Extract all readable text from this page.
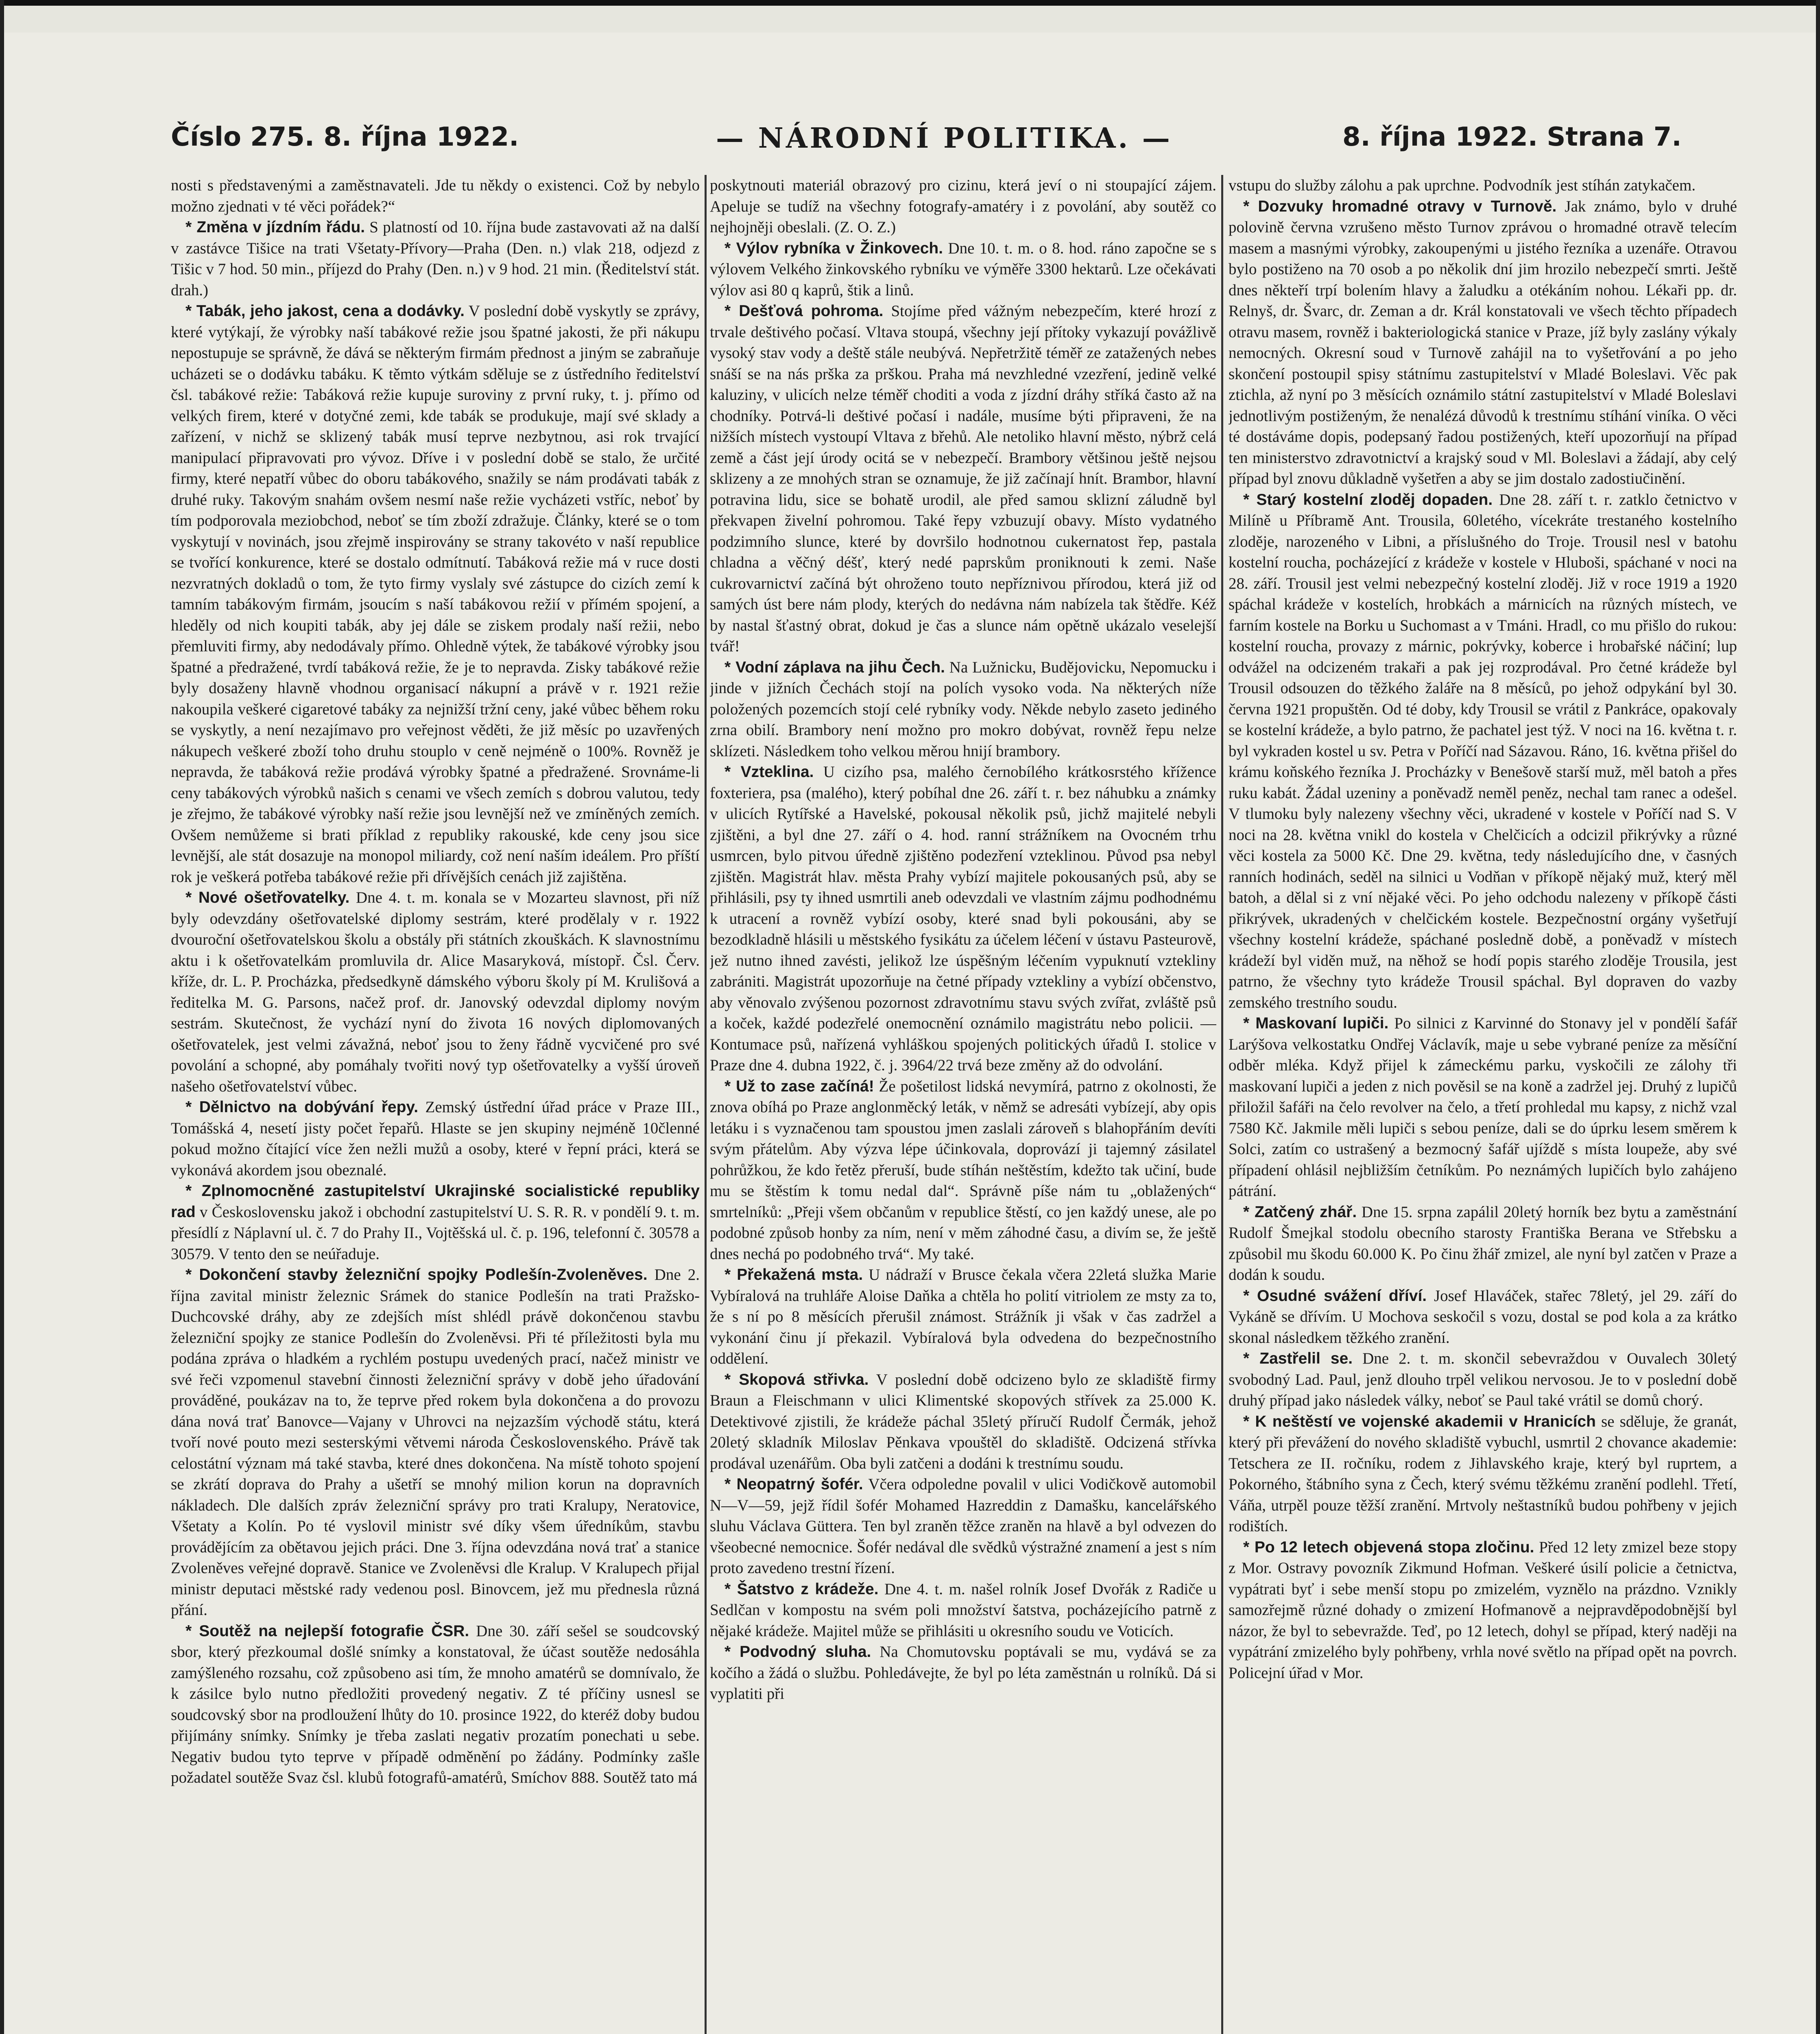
Číslo 275. 8. října 1922.	— NÁRODNÍ POLITIKA. —	8. října 1922. Strana 7.

nosti s představenými a zaměstnavateli. Jde tu někdy o existenci. Což by nebylo možno zjednati v té věci pořádek?“

* Změna v jízdním řádu. S platností od 10. října bude zastavovati až na další v zastávce Tišice na trati Všetaty-Přívory—Praha (Den. n.) vlak 218, odjezd z Tišic v 7 hod. 50 min., příjezd do Prahy (Den. n.) v 9 hod. 21 min. (Ředitelství stát. drah.)

* Tabák, jeho jakost, cena a dodávky. V poslední době vyskytly se zprávy, které vytýkají, že výrobky naší tabákové režie jsou špatné jakosti, že při nákupu nepostupuje se správně, že dává se některým firmám přednost a jiným se zabraňuje ucházeti se o dodávku tabáku. K těmto výtkám sděluje se z ústředního ředitelství čsl. tabákové režie: Tabáková režie kupuje suroviny z první ruky, t. j. přímo od velkých firem, které v dotyčné zemi, kde tabák se produkuje, mají své sklady a zařízení, v nichž se sklizený tabák musí teprve nezbytnou, asi rok trvající manipulací připravovati pro vývoz. Dříve i v poslední době se stalo, že určité firmy, které nepatří vůbec do oboru tabákového, snažily se nám prodávati tabák z druhé ruky. Takovým snahám ovšem nesmí naše režie vycházeti vstříc, neboť by tím podporovala meziobchod, neboť se tím zboží zdražuje. Články, které se o tom vyskytují v novinách, jsou zřejmě inspirovány se strany takovéto v naší republice se tvořící konkurence, které se dostalo odmítnutí. Tabáková režie má v ruce dosti nezvratných dokladů o tom, že tyto firmy vyslaly své zástupce do cizích zemí k tamním tabákovým firmám, jsoucím s naší tabákovou režií v přímém spojení, a hleděly od nich koupiti tabák, aby jej dále se ziskem prodaly naší režii, nebo přemluviti firmy, aby nedodávaly přímo. Ohledně výtek, že tabákové výrobky jsou špatné a předražené, tvrdí tabáková režie, že je to nepravda. Zisky tabákové režie byly dosaženy hlavně vhodnou organisací nákupní a právě v r. 1921 režie nakoupila veškeré cigaretové tabáky za nejnižší tržní ceny, jaké vůbec během roku se vyskytly, a není nezajímavo pro veřejnost věděti, že již měsíc po uzavřených nákupech veškeré zboží toho druhu stouplo v ceně nejméně o 100%. Rovněž je nepravda, že tabáková režie prodává výrobky špatné a předražené. Srovnáme-li ceny tabákových výrobků našich s cenami ve všech zemích s dobrou valutou, tedy je zřejmo, že tabákové výrobky naší režie jsou levnější než ve zmíněných zemích. Ovšem nemůžeme si brati příklad z republiky rakouské, kde ceny jsou sice levnější, ale stát dosazuje na monopol miliardy, což není naším ideálem. Pro příští rok je veškerá potřeba tabákové režie při dřívějších cenách již zajištěna.

* Nové ošetřovatelky. Dne 4. t. m. konala se v Mozarteu slavnost, při níž byly odevzdány ošetřovatelské diplomy sestrám, které prodělaly v r. 1922 dvouroční ošetřovatelskou školu a obstály při státních zkouškách. K slavnostnímu aktu i k ošetřovatelkám promluvila dr. Alice Masaryková, místopř. Čsl. Červ. kříže, dr. L. P. Procházka, předsedkyně dámského výboru školy pí M. Krulišová a ředitelka M. G. Parsons, načež prof. dr. Janovský odevzdal diplomy novým sestrám. Skutečnost, že vychází nyní do života 16 nových diplomovaných ošetřovatelek, jest velmi závažná, neboť jsou to ženy řádně vycvičené pro své povolání a schopné, aby pomáhaly tvořiti nový typ ošetřovatelky a vyšší úroveň našeho ošetřovatelství vůbec.

* Dělnictvo na dobývání řepy. Zemský ústřední úřad práce v Praze III., Tomášská 4, nesetí jisty počet řepařů. Hlaste se jen skupiny nejméně 10členné pokud možno čítající více žen nežli mužů a osoby, které v řepní práci, která se vykonává akordem jsou obeznalé.

* Zplnomocněné zastupitelství Ukrajinské socialistické republiky rad v Československu jakož i obchodní zastupitelství U. S. R. R. v pondělí 9. t. m. přesídlí z Náplavní ul. č. 7 do Prahy II., Vojtěšská ul. č. p. 196, telefonní č. 30578 a 30579. V tento den se neúřaduje.

* Dokončení stavby železniční spojky Podlešín-Zvoleněves. Dne 2. října zavital ministr železnic Srámek do stanice Podlešín na trati Pražsko-Duchcovské dráhy, aby ze zdejších míst shlédl právě dokončenou stavbu železniční spojky ze stanice Podlešín do Zvoleněvsi. Při té příležitosti byla mu podána zpráva o hladkém a rychlém postupu uvedených prací, načež ministr ve své řeči vzpomenul stavební činnosti železniční správy v době jeho úřadování prováděné, poukázav na to, že teprve před rokem byla dokončena a do provozu dána nová trať Banovce—Vajany v Uhrovci na nejzazším východě státu, která tvoří nové pouto mezi sesterskými větvemi národa Československého. Právě tak celostátní význam má také stavba, které dnes dokončena. Na místě tohoto spojení se zkrátí doprava do Prahy a ušetří se mnohý milion korun na dopravních nákladech. Dle dalších zpráv železniční správy pro trati Kralupy, Neratovice, Všetaty a Kolín. Po té vyslovil ministr své díky všem úředníkům, stavbu provádějícím za obětavou jejich práci. Dne 3. října odevzdána nová trať a stanice Zvoleněves veřejné dopravě. Stanice ve Zvoleněvsi dle Kralup. V Kralupech přijal ministr deputaci městské rady vedenou posl. Binovcem, jež mu přednesla různá přání.

* Soutěž na nejlepší fotografie ČSR. Dne 30. září sešel se soudcovský sbor, který přezkoumal došlé snímky a konstatoval, že účast soutěže nedosáhla zamýšleného rozsahu, což způsobeno asi tím, že mnoho amatérů se domnívalo, že k zásilce bylo nutno předložiti provedený negativ. Z té příčiny usnesl se soudcovský sbor na prodloužení lhůty do 10. prosince 1922, do kteréž doby budou přijímány snímky. Snímky je třeba zaslati negativ prozatím ponechati u sebe. Negativ budou tyto teprve v případě odměnění po žádány. Podmínky zašle požadatel soutěže Svaz čsl. klubů fotografů-amatérů, Smíchov 888. Soutěž tato má

poskytnouti materiál obrazový pro cizinu, která jeví o ni stoupající zájem. Apeluje se tudíž na všechny fotografy-amatéry i z povolání, aby soutěž co nejhojněji obeslali. (Z. O. Z.)

* Výlov rybníka v Žinkovech. Dne 10. t. m. o 8. hod. ráno započne se s výlovem Velkého žinkovského rybníku ve výměře 3300 hektarů. Lze očekávati výlov asi 80 q kaprů, štik a linů.

* Dešťová pohroma. Stojíme před vážným nebezpečím, které hrozí z trvale deštivého počasí. Vltava stoupá, všechny její přítoky vykazují povážlivě vysoký stav vody a deště stále neubývá. Nepřetržitě téměř ze zatažených nebes snáší se na nás prška za prškou. Praha má nevzhledné vzezření, jedině velké kaluziny, v ulicích nelze téměř choditi a voda z jízdní dráhy stříká často až na chodníky. Potrvá-li deštivé počasí i nadále, musíme býti připraveni, že na nižších místech vystoupí Vltava z břehů. Ale netoliko hlavní město, nýbrž celá země a část její úrody ocitá se v nebezpečí. Brambory většinou ještě nejsou sklizeny a ze mnohých stran se oznamuje, že již začínají hnít. Brambor, hlavní potravina lidu, sice se bohatě urodil, ale před samou sklizní záludně byl překvapen živelní pohromou. Také řepy vzbuzují obavy. Místo vydatného podzimního slunce, které by dovršilo hodnotnou cukernatost řep, pastala chladna a věčný déšť, který nedé paprskům proniknouti k zemi. Naše cukrovarnictví začíná být ohroženo touto nepříznivou přírodou, která již od samých úst bere nám plody, kterých do nedávna nám nabízela tak štědře. Kéž by nastal šťastný obrat, dokud je čas a slunce nám opětně ukázalo veselejší tvář!

* Vodní záplava na jihu Čech. Na Lužnicku, Budějovicku, Nepomucku i jinde v jižních Čechách stojí na polích vysoko voda. Na některých níže položených pozemcích stojí celé rybníky vody. Někde nebylo zaseto jediného zrna obilí. Brambory není možno pro mokro dobývat, rovněž řepu nelze sklízeti. Následkem toho velkou měrou hnijí brambory.

* Vzteklina. U cizího psa, malého černobílého krátkosrstého křížence foxteriera, psa (malého), který pobíhal dne 26. září t. r. bez náhubku a známky v ulicích Rytířské a Havelské, pokousal několik psů, jichž majitelé nebyli zjištěni, a byl dne 27. září o 4. hod. ranní strážníkem na Ovocném trhu usmrcen, bylo pitvou úředně zjištěno podezření vzteklinou. Původ psa nebyl zjištěn. Magistrát hlav. města Prahy vybízí majitele pokousaných psů, aby se přihlásili, psy ty ihned usmrtili aneb odevzdali ve vlastním zájmu podhodnému k utracení a rovněž vybízí osoby, které snad byli pokousáni, aby se bezodkladně hlásili u městského fysikátu za účelem léčení v ústavu Pasteurově, jež nutno ihned zavésti, jelikož lze úspěšným léčením vypuknutí vztekliny zabrániti. Magistrát upozorňuje na četné případy vztekliny a vybízí občenstvo, aby věnovalo zvýšenou pozornost zdravotnímu stavu svých zvířat, zvláště psů a koček, každé podezřelé onemocnění oznámilo magistrátu nebo policii. — Kontumace psů, nařízená vyhláškou spojených politických úřadů I. stolice v Praze dne 4. dubna 1922, č. j. 3964/22 trvá beze změny až do odvolání.

* Už to zase začíná! Že pošetilost lidská nevymírá, patrno z okolnosti, že znova obíhá po Praze anglonměcký leták, v němž se adresáti vybízejí, aby opis letáku i s vyznačenou tam spoustou jmen zaslali zároveň s blahopřáním devíti svým přátelům. Aby výzva lépe účinkovala, doprovází ji tajemný zásilatel pohrůžkou, že kdo řetěz přeruší, bude stíhán neštěstím, kdežto tak učiní, bude mu se štěstím k tomu nedal dal“. Správně píše nám tu „oblažených“ smrtelníků: „Přeji všem občanům v republice štěstí, co jen každý unese, ale po podobné způsob honby za ním, není v měm záhodné času, a divím se, že ještě dnes nechá po podobného trvá“. My také.

* Překažená msta. U nádraží v Brusce čekala včera 22letá služka Marie Vybíralová na truhláře Aloise Daňka a chtěla ho polití vitriolem ze msty za to, že s ní po 8 měsících přerušil známost. Strážník ji však v čas zadržel a vykonání činu jí překazil. Vybíralová byla odvedena do bezpečnostního oddělení.

* Skopová střivka. V poslední době odcizeno bylo ze skladiště firmy Braun a Fleischmann v ulici Klimentské skopových střívek za 25.000 K. Detektivové zjistili, že krádeže páchal 35letý příručí Rudolf Čermák, jehož 20letý skladník Miloslav Pěnkava vpouštěl do skladiště. Odcizená střívka prodával uzenářům. Oba byli zatčeni a dodáni k trestnímu soudu.

* Neopatrný šofér. Včera odpoledne povalil v ulici Vodičkově automobil N—V—59, jejž řídil šofér Mohamed Hazreddin z Damašku, kancelářského sluhu Václava Güttera. Ten byl zraněn těžce zraněn na hlavě a byl odvezen do všeobecné nemocnice. Šofér nedával dle svědků výstražné znamení a jest s ním proto zavedeno trestní řízení.

* Šatstvo z krádeže. Dne 4. t. m. našel rolník Josef Dvořák z Radiče u Sedlčan v kompostu na svém poli množství šatstva, pocházejícího patrně z nějaké krádeže. Majitel může se přihlásiti u okresního soudu ve Voticích.

* Podvodný sluha. Na Chomutovsku poptávali se mu, vydává se za kočího a žádá o službu. Pohledávejte, že byl po léta zaměstnán u rolníků. Dá si vyplatiti při

vstupu do služby zálohu a pak uprchne. Podvodník jest stíhán zatykačem.

* Dozvuky hromadné otravy v Turnově. Jak známo, bylo v druhé polovině června vzrušeno město Turnov zprávou o hromadné otravě telecím masem a masnými výrobky, zakoupenými u jistého řezníka a uzenáře. Otravou bylo postiženo na 70 osob a po několik dní jim hrozilo nebezpečí smrti. Ještě dnes někteří trpí bolením hlavy a žaludku a otékáním nohou. Lékaři pp. dr. Relnyš, dr. Švarc, dr. Zeman a dr. Král konstatovali ve všech těchto případech otravu masem, rovněž i bakteriologická stanice v Praze, jíž byly zaslány výkaly nemocných. Okresní soud v Turnově zahájil na to vyšetřování a po jeho skončení postoupil spisy státnímu zastupitelství v Mladé Boleslavi. Věc pak ztichla, až nyní po 3 měsících oznámilo státní zastupitelství v Mladé Boleslavi jednotlivým postiženým, že nenalézá důvodů k trestnímu stíhání viníka. O věci té dostáváme dopis, podepsaný řadou postižených, kteří upozorňují na případ ten ministerstvo zdravotnictví a krajský soud v Ml. Boleslavi a žádají, aby celý případ byl znovu důkladně vyšetřen a aby se jim dostalo zadostiučinění.

* Starý kostelní zloděj dopaden. Dne 28. září t. r. zatklo četnictvo v Milíně u Příbramě Ant. Trousila, 60letého, vícekráte trestaného kostelního zloděje, narozeného v Libni, a příslušného do Troje. Trousil nesl v batohu kostelní roucha, pocházející z krádeže v kostele v Hluboši, spáchané v noci na 28. září. Trousil jest velmi nebezpečný kostelní zloděj. Již v roce 1919 a 1920 spáchal krádeže v kostelích, hrobkách a márnicích na různých místech, ve farním kostele na Borku u Suchomast a v Tmáni. Hradl, co mu přišlo do rukou: kostelní roucha, provazy z márnic, pokrývky, koberce i hrobařské náčiní; lup odvážel na odcizeném trakaři a pak jej rozprodával. Pro četné krádeže byl Trousil odsouzen do těžkého žaláře na 8 měsíců, po jehož odpykání byl 30. června 1921 propuštěn. Od té doby, kdy Trousil se vrátil z Pankráce, opakovaly se kostelní krádeže, a bylo patrno, že pachatel jest týž. V noci na 16. května t. r. byl vykraden kostel u sv. Petra v Poříčí nad Sázavou. Ráno, 16. května přišel do krámu koňského řezníka J. Procházky v Benešově starší muž, měl batoh a přes ruku kabát. Žádal uzeniny a poněvadž neměl peněz, nechal tam ranec a odešel. V tlumoku byly nalezeny všechny věci, ukradené v kostele v Poříčí nad S. V noci na 28. května vnikl do kostela v Chelčicích a odcizil přikrývky a různé věci kostela za 5000 Kč. Dne 29. května, tedy následujícího dne, v časných ranních hodinách, seděl na silnici u Vodňan v příkopě nějaký muž, který měl batoh, a dělal si z vní nějaké věci. Po jeho odchodu nalezeny v příkopě části přikrývek, ukradených v chelčickém kostele. Bezpečnostní orgány vyšetřují všechny kostelní krádeže, spáchané posledně době, a poněvadž v místech krádeží byl viděn muž, na něhož se hodí popis starého zloděje Trousila, jest patrno, že všechny tyto krádeže Trousil spáchal. Byl dopraven do vazby zemského trestního soudu.

* Maskovaní lupiči. Po silnici z Karvinné do Stonavy jel v pondělí šafář Larýšova velkostatku Ondřej Václavík, maje u sebe vybrané peníze za měsíční odběr mléka. Když přijel k zámeckému parku, vyskočili ze zálohy tři maskovaní lupiči a jeden z nich pověsil se na koně a zadržel jej. Druhý z lupičů přiložil šafáři na čelo revolver na čelo, a třetí prohledal mu kapsy, z nichž vzal 7580 Kč. Jakmile měli lupiči s sebou peníze, dali se do úprku lesem směrem k Solci, zatím co ustrašený a bezmocný šafář ujíždě s místa loupeže, aby své případení ohlásil nejbližším četníkům. Po neznámých lupičích bylo zahájeno pátrání.

* Zatčený zhář. Dne 15. srpna zapálil 20letý horník bez bytu a zaměstnání Rudolf Šmejkal stodolu obecního starosty Františka Berana ve Střebsku a způsobil mu škodu 60.000 K. Po činu žhář zmizel, ale nyní byl zatčen v Praze a dodán k soudu.

* Osudné svážení dříví. Josef Hlaváček, stařec 78letý, jel 29. září do Vykáně se dřívím. U Mochova seskočil s vozu, dostal se pod kola a za krátko skonal následkem těžkého zranění.

* Zastřelil se. Dne 2. t. m. skončil sebevraždou v Ouvalech 30letý svobodný Lad. Paul, jenž dlouho trpěl velikou nervosou. Je to v poslední době druhý případ jako následek války, neboť se Paul také vrátil se domů chorý.

* K neštěstí ve vojenské akademii v Hranicích se sděluje, že granát, který při převážení do nového skladiště vybuchl, usmrtil 2 chovance akademie: Tetschera ze II. ročníku, rodem z Jihlavského kraje, který byl ruprtem, a Pokorného, štábního syna z Čech, který svému těžkému zranění podlehl. Třetí, Váňa, utrpěl pouze těžší zranění. Mrtvoly neštastníků budou pohřbeny v jejich rodištích.

* Po 12 letech objevená stopa zločinu. Před 12 lety zmizel beze stopy z Mor. Ostravy povozník Zikmund Hofman. Veškeré úsilí policie a četnictva, vypátrati byť i sebe menší stopu po zmizelém, vyznělo na prázdno. Vznikly samozřejmě různé dohady o zmizení Hofmanově a nejpravděpodobnější byl názor, že byl to sebevražde. Teď, po 12 letech, dohyl se případ, který naději na vypátrání zmizelého byly pohřbeny, vrhla nové světlo na případ opět na povrch. Policejní úřad v Mor.
